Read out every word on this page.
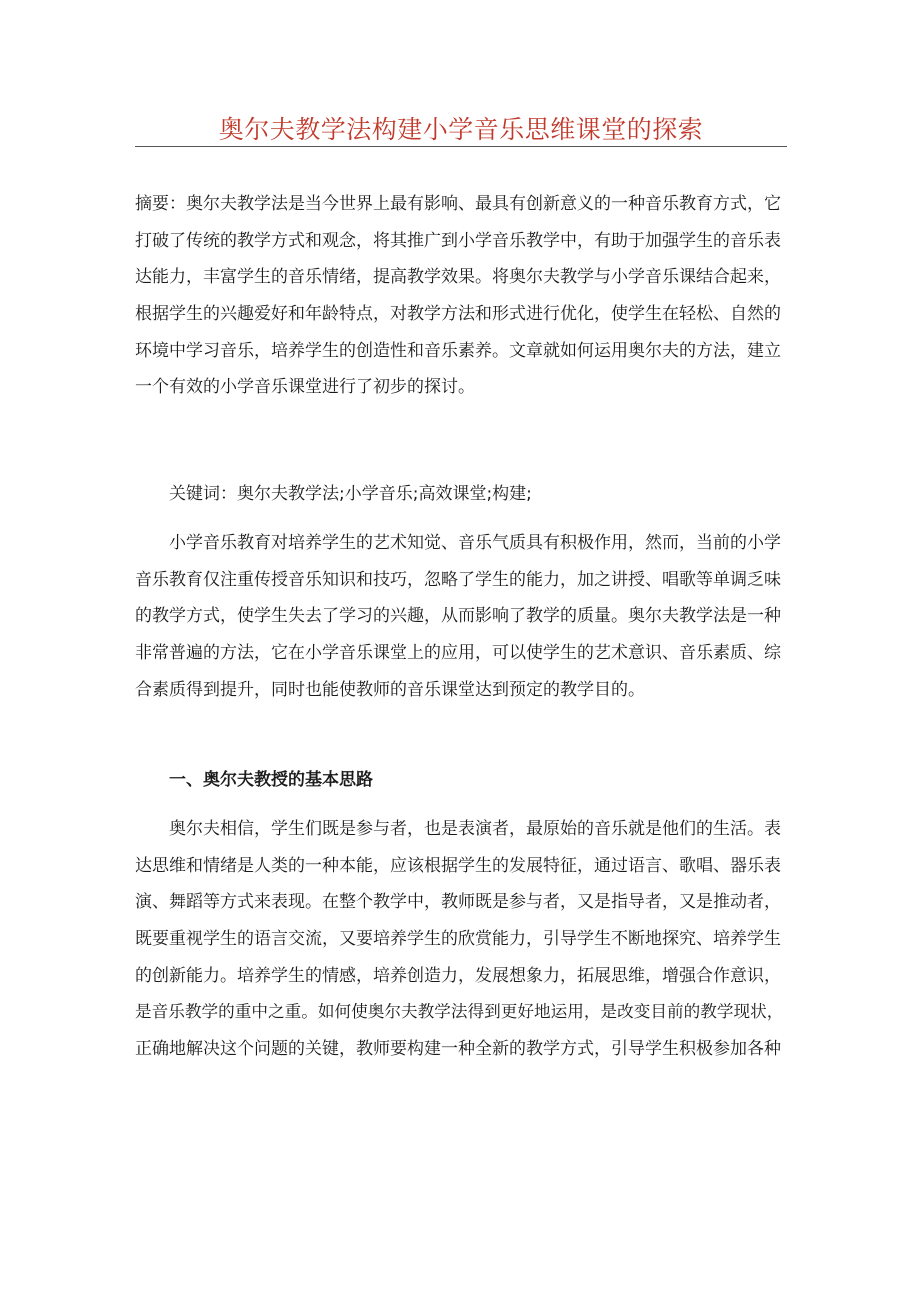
奥尔夫教学法构建小学音乐思维课堂的探索
摘要：奥尔夫教学法是当今世界上最有影响、最具有创新意义的一种音乐教育方式，它
打破了传统的教学方式和观念，将其推广到小学音乐教学中，有助于加强学生的音乐表
达能力，丰富学生的音乐情绪，提高教学效果。将奥尔夫教学与小学音乐课结合起来，
根据学生的兴趣爱好和年龄特点，对教学方法和形式进行优化，使学生在轻松、自然的
环境中学习音乐，培养学生的创造性和音乐素养。文章就如何运用奥尔夫的方法，建立
一个有效的小学音乐课堂进行了初步的探讨。
关键词：奥尔夫教学法;小学音乐;高效课堂;构建;
小学音乐教育对培养学生的艺术知觉、音乐气质具有积极作用，然而，当前的小学
音乐教育仅注重传授音乐知识和技巧，忽略了学生的能力，加之讲授、唱歌等单调乏味
的教学方式，使学生失去了学习的兴趣，从而影响了教学的质量。奥尔夫教学法是一种
非常普遍的方法，它在小学音乐课堂上的应用，可以使学生的艺术意识、音乐素质、综
合素质得到提升，同时也能使教师的音乐课堂达到预定的教学目的。
一、奥尔夫教授的基本思路
奥尔夫相信，学生们既是参与者，也是表演者，最原始的音乐就是他们的生活。表
达思维和情绪是人类的一种本能，应该根据学生的发展特征，通过语言、歌唱、器乐表
演、舞蹈等方式来表现。在整个教学中，教师既是参与者，又是指导者，又是推动者，
既要重视学生的语言交流，又要培养学生的欣赏能力，引导学生不断地探究、培养学生
的创新能力。培养学生的情感，培养创造力，发展想象力，拓展思维，增强合作意识，
是音乐教学的重中之重。如何使奥尔夫教学法得到更好地运用，是改变目前的教学现状，
正确地解决这个问题的关键，教师要构建一种全新的教学方式，引导学生积极参加各种
